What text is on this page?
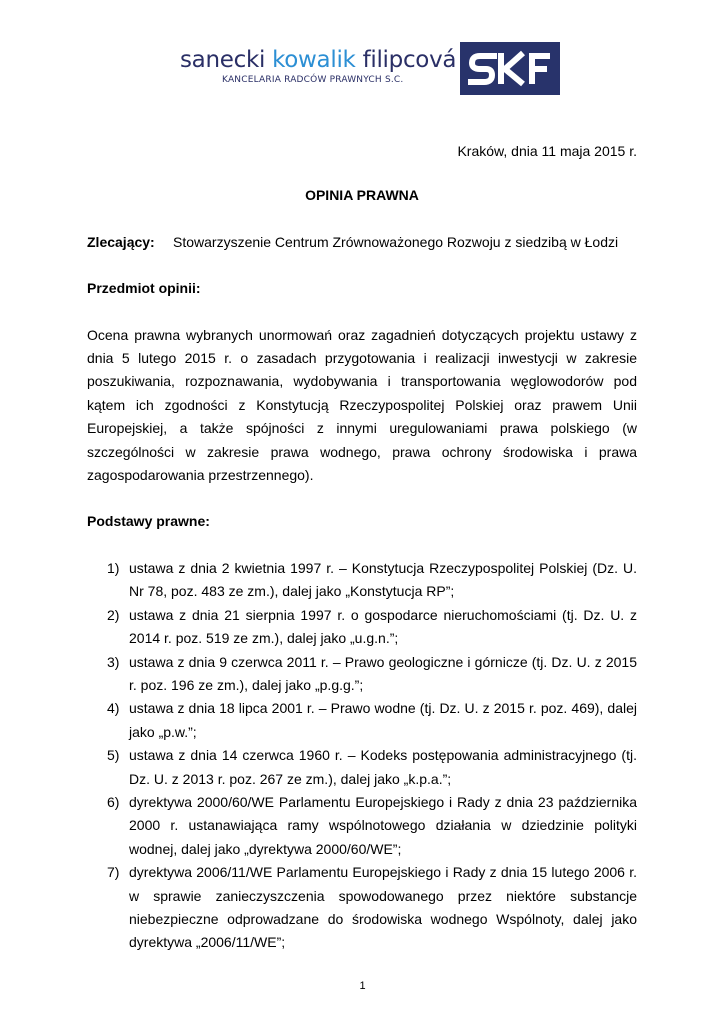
sanecki kowalik filipcová
KANCELARIA RADCÓW PRAWNYCH S.C.
Kraków, dnia 11 maja 2015 r.
OPINIA PRAWNA
Zlecający:	Stowarzyszenie Centrum Zrównoważonego Rozwoju z siedzibą w Łodzi
Przedmiot opinii:
Ocena prawna wybranych unormowań oraz zagadnień dotyczących projektu ustawy z dnia 5 lutego 2015 r. o zasadach przygotowania i realizacji inwestycji w zakresie poszukiwania, rozpoznawania, wydobywania i transportowania węglowodorów pod kątem ich zgodności z Konstytucją Rzeczypospolitej Polskiej oraz prawem Unii Europejskiej, a także spójności z innymi uregulowaniami prawa polskiego (w szczególności w zakresie prawa wodnego, prawa ochrony środowiska i prawa zagospodarowania przestrzennego).
Podstawy prawne:
1) ustawa z dnia 2 kwietnia 1997 r. – Konstytucja Rzeczypospolitej Polskiej (Dz. U. Nr 78, poz. 483 ze zm.), dalej jako „Konstytucja RP”;
2) ustawa z dnia 21 sierpnia 1997 r. o gospodarce nieruchomościami (tj. Dz. U. z 2014 r. poz. 519 ze zm.), dalej jako „u.g.n.”;
3) ustawa z dnia 9 czerwca 2011 r. – Prawo geologiczne i górnicze (tj. Dz. U. z 2015 r. poz. 196 ze zm.), dalej jako „p.g.g.”;
4) ustawa z dnia 18 lipca 2001 r. – Prawo wodne (tj. Dz. U. z 2015 r. poz. 469), dalej jako „p.w.”;
5) ustawa z dnia 14 czerwca 1960 r. – Kodeks postępowania administracyjnego (tj. Dz. U. z 2013 r. poz. 267 ze zm.), dalej jako „k.p.a.”;
6) dyrektywa 2000/60/WE Parlamentu Europejskiego i Rady z dnia 23 października 2000 r. ustanawiająca ramy wspólnotowego działania w dziedzinie polityki wodnej, dalej jako „dyrektywa 2000/60/WE”;
7) dyrektywa 2006/11/WE Parlamentu Europejskiego i Rady z dnia 15 lutego 2006 r. w sprawie zanieczyszczenia spowodowanego przez niektóre substancje niebezpieczne odprowadzane do środowiska wodnego Wspólnoty, dalej jako dyrektywa „2006/11/WE”;
1
